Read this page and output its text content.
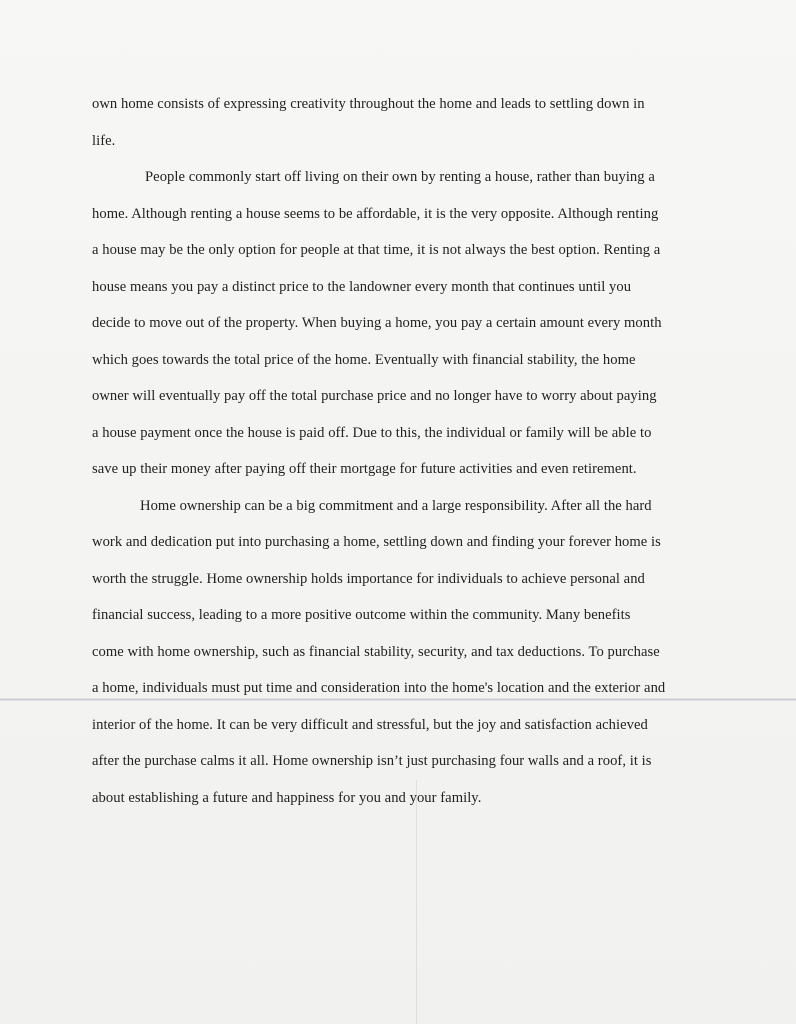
own home consists of expressing creativity throughout the home and leads to settling down in
life.
People commonly start off living on their own by renting a house, rather than buying a
home. Although renting a house seems to be affordable, it is the very opposite. Although renting
a house may be the only option for people at that time, it is not always the best option. Renting a
house means you pay a distinct price to the landowner every month that continues until you
decide to move out of the property. When buying a home, you pay a certain amount every month
which goes towards the total price of the home. Eventually with financial stability, the home
owner will eventually pay off the total purchase price and no longer have to worry about paying
a house payment once the house is paid off. Due to this, the individual or family will be able to
save up their money after paying off their mortgage for future activities and even retirement.
Home ownership can be a big commitment and a large responsibility. After all the hard
work and dedication put into purchasing a home, settling down and finding your forever home is
worth the struggle. Home ownership holds importance for individuals to achieve personal and
financial success, leading to a more positive outcome within the community. Many benefits
come with home ownership, such as financial stability, security, and tax deductions. To purchase
a home, individuals must put time and consideration into the home's location and the exterior and
interior of the home. It can be very difficult and stressful, but the joy and satisfaction achieved
after the purchase calms it all. Home ownership isn’t just purchasing four walls and a roof, it is
about establishing a future and happiness for you and your family.
